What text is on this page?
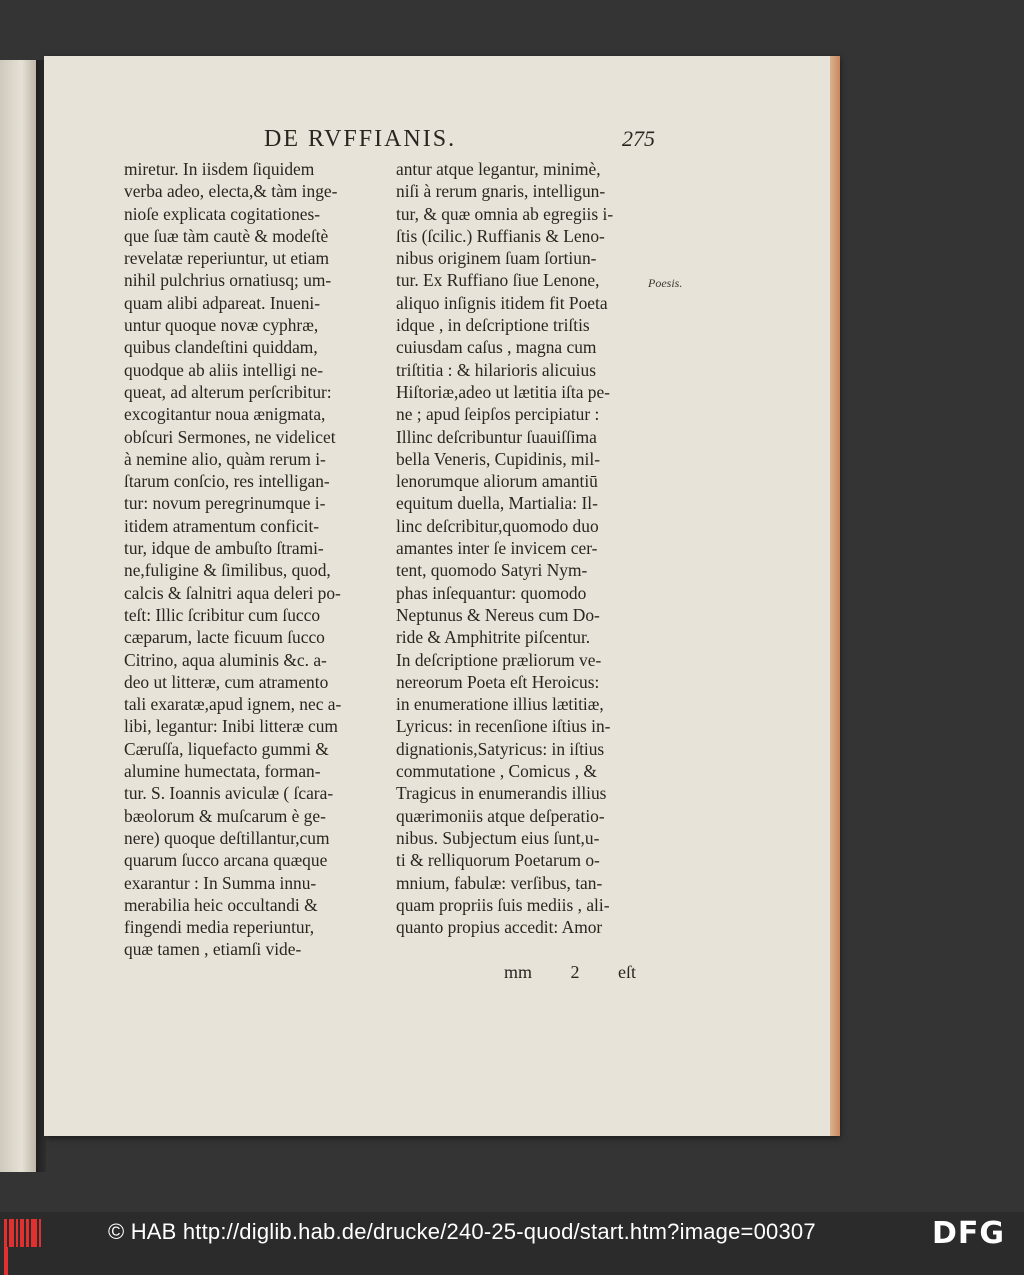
DE RVFFIANIS.	275
miretur. In iisdem ſiquidem
verba adeo, electa,& tàm inge-
nioſe explicata cogitationes-
que ſuæ tàm cautè & modeſtè
revelatæ reperiuntur, ut etiam
nihil pulchrius ornatiusq; um-
quam alibi adpareat. Inueni-
untur quoque novæ cyphræ,
quibus clandeſtini quiddam,
quodque ab aliis intelligi ne-
queat, ad alterum perſcribitur:
excogitantur noua ænigmata,
obſcuri Sermones, ne videlicet
à nemine alio, quàm rerum i-
ſtarum conſcio, res intelligan-
tur: novum peregrinumque i-
itidem atramentum conficit-
tur, idque de ambuſto ſtrami-
ne,fuligine & ſimilibus, quod,
calcis & ſalnitri aqua deleri po-
teſt: Illic ſcribitur cum ſucco
cæparum, lacte ficuum ſucco
Citrino, aqua aluminis &c. a-
deo ut litteræ, cum atramento
tali exaratæ,apud ignem, nec a-
libi, legantur: Inibi litteræ cum
Cæruſſa, liquefacto gummi &
alumine humectata, forman-
tur. S. Ioannis aviculæ ( ſcara-
bæolorum & muſcarum è ge-
nere) quoque deſtillantur,cum
quarum ſucco arcana quæque
exarantur : In Summa innu-
merabilia heic occultandi &
fingendi media reperiuntur,
quæ tamen , etiamſi vide-
antur atque legantur, minimè,
niſi à rerum gnaris, intelligun-
tur, & quæ omnia ab egregiis i-
ſtis (ſcilic.) Ruffianis & Leno-
nibus originem ſuam ſortiun-
tur. Ex Ruffiano ſiue Lenone,
aliquo inſignis itidem fit Poeta
idque , in deſcriptione triſtis
cuiusdam caſus , magna cum
triſtitia : & hilarioris alicuius
Hiſtoriæ,adeo ut lætitia iſta pe-
ne ; apud ſeipſos percipiatur :
Illinc deſcribuntur ſuauiſſima
bella Veneris, Cupidinis, mil-
lenorumque aliorum amantiū
equitum duella, Martialia: Il-
linc deſcribitur,quomodo duo
amantes inter ſe invicem cer-
tent, quomodo Satyri Nym-
phas inſequantur: quomodo
Neptunus & Nereus cum Do-
ride & Amphitrite piſcentur.
In deſcriptione præliorum ve-
nereorum Poeta eſt Heroicus:
in enumeratione illius lætitiæ,
Lyricus: in recenſione iſtius in-
dignationis,Satyricus: in iſtius
commutatione , Comicus , &
Tragicus in enumerandis illius
quærimoniis atque deſperatio-
nibus. Subjectum eius ſunt,u-
ti & relliquorum Poetarum o-
mnium, fabulæ: verſibus, tan-
quam propriis ſuis mediis , ali-
quanto propius accedit: Amor
Poesis.
mm 2 eſt
© HAB http://diglib.hab.de/drucke/240-25-quod/start.htm?image=00307	DFG
